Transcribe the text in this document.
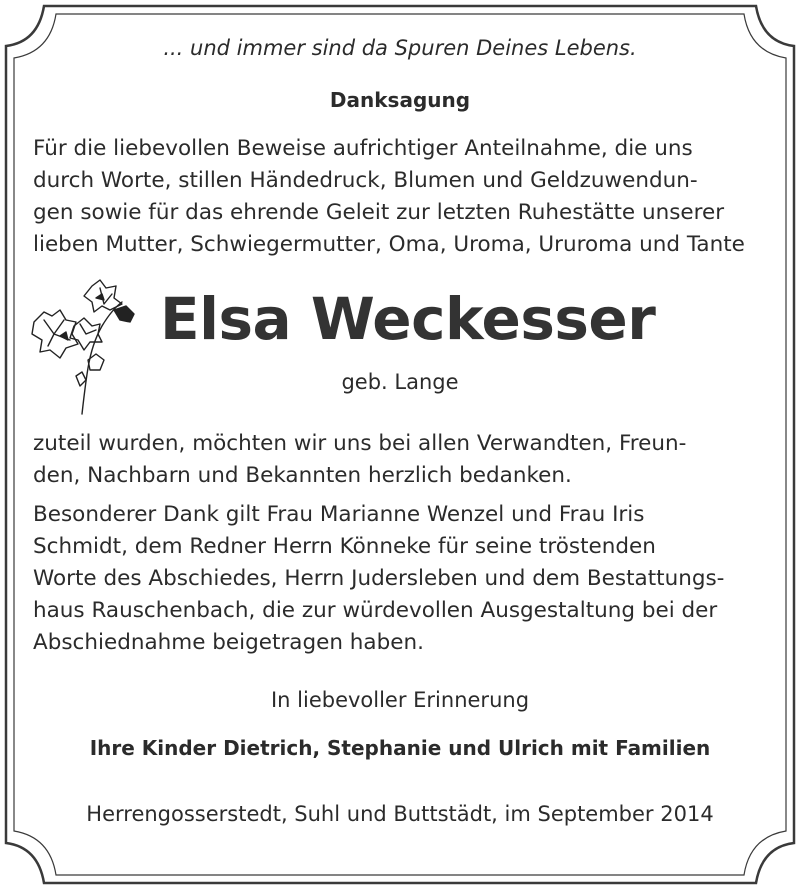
... und immer sind da Spuren Deines Lebens.
Danksagung
Für die liebevollen Beweise aufrichtiger Anteilnahme, die uns
durch Worte, stillen Händedruck, Blumen und Geldzuwendun-
gen sowie für das ehrende Geleit zur letzten Ruhestätte unserer
lieben Mutter, Schwiegermutter, Oma, Uroma, Ururoma und Tante
Elsa Weckesser
geb. Lange
zuteil wurden, möchten wir uns bei allen Verwandten, Freun-
den, Nachbarn und Bekannten herzlich bedanken.
Besonderer Dank gilt Frau Marianne Wenzel und Frau Iris
Schmidt, dem Redner Herrn Könneke für seine tröstenden
Worte des Abschiedes, Herrn Judersleben und dem Bestattungs-
haus Rauschenbach, die zur würdevollen Ausgestaltung bei der
Abschiednahme beigetragen haben.
In liebevoller Erinnerung
Ihre Kinder Dietrich, Stephanie und Ulrich mit Familien
Herrengosserstedt, Suhl und Buttstädt, im September 2014
